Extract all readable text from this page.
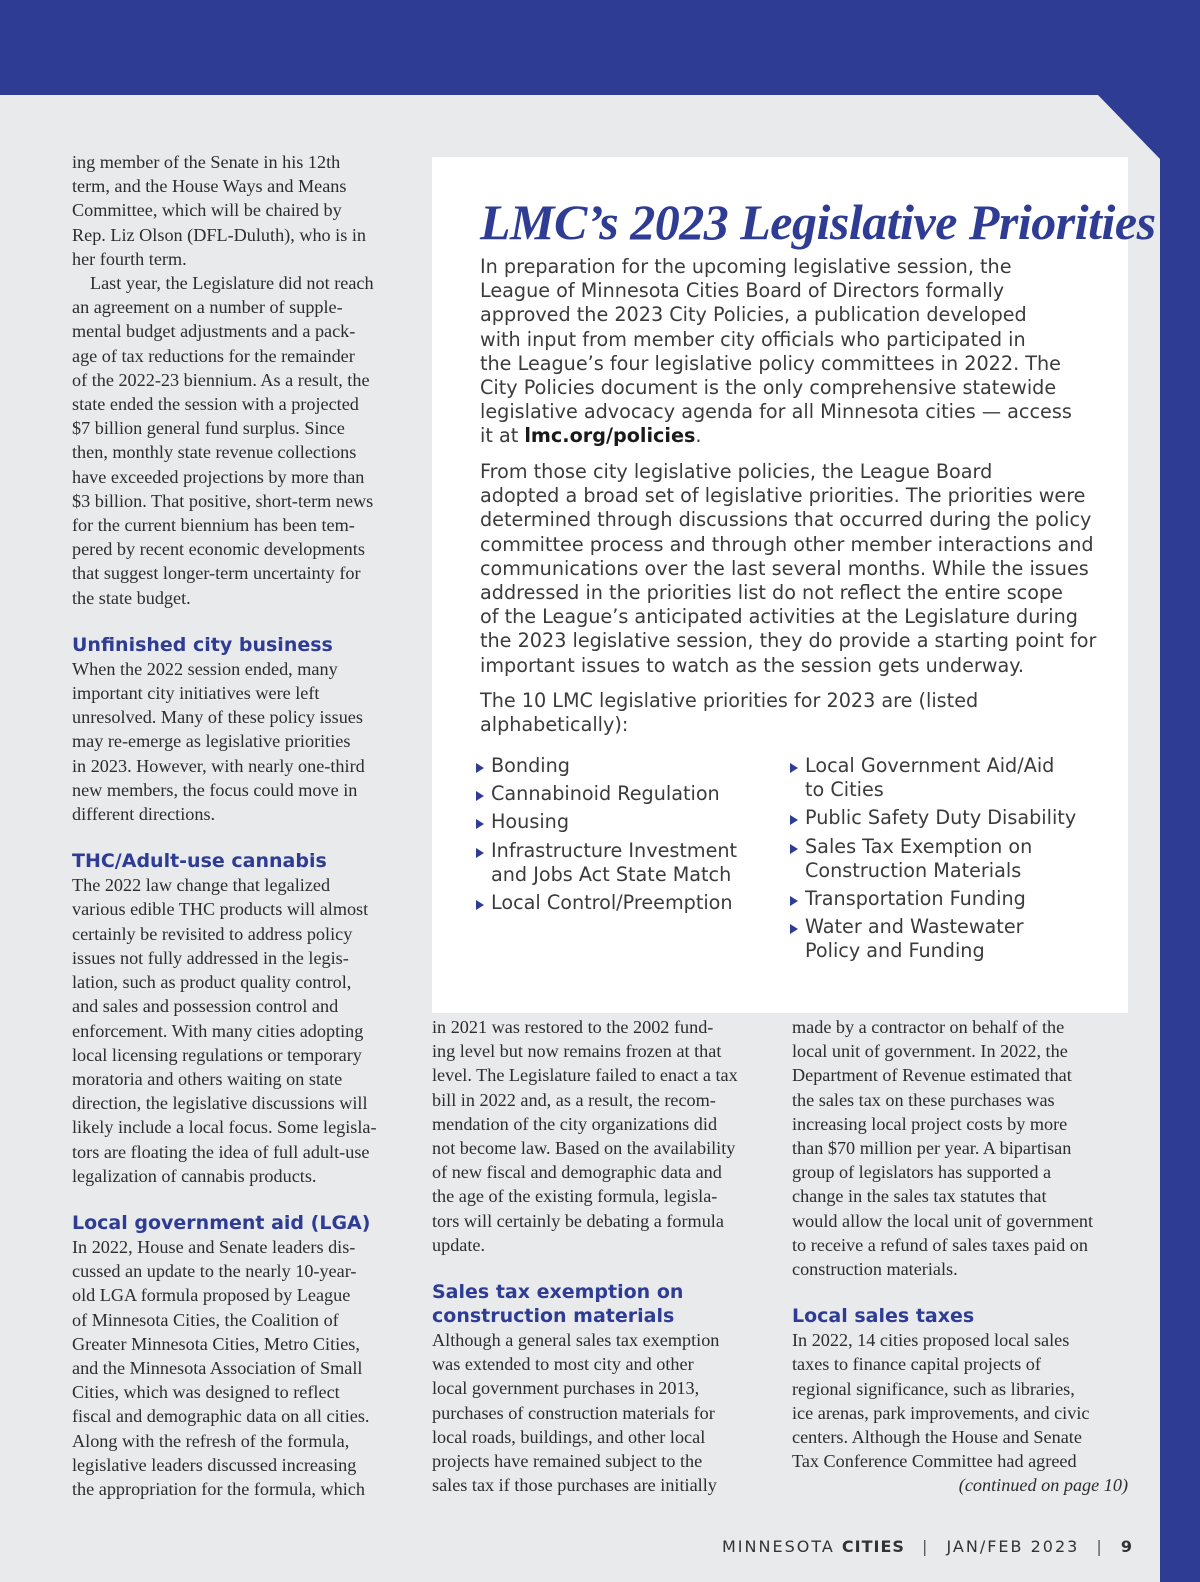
ing member of the Senate in his 12th
term, and the House Ways and Means
Committee, which will be chaired by
Rep. Liz Olson (DFL-Duluth), who is in
her fourth term.

Last year, the Legislature did not reach
an agreement on a number of supple-
mental budget adjustments and a pack-
age of tax reductions for the remainder
of the 2022-23 biennium. As a result, the
state ended the session with a projected
$7 billion general fund surplus. Since
then, monthly state revenue collections
have exceeded projections by more than
$3 billion. That positive, short-term news
for the current biennium has been tem-
pered by recent economic developments
that suggest longer-term uncertainty for
the state budget.

Unfinished city business

When the 2022 session ended, many
important city initiatives were left
unresolved. Many of these policy issues
may re-emerge as legislative priorities
in 2023. However, with nearly one-third
new members, the focus could move in
different directions.

THC/Adult-use cannabis

The 2022 law change that legalized
various edible THC products will almost
certainly be revisited to address policy
issues not fully addressed in the legis-
lation, such as product quality control,
and sales and possession control and
enforcement. With many cities adopting
local licensing regulations or temporary
moratoria and others waiting on state
direction, the legislative discussions will
likely include a local focus. Some legisla-
tors are floating the idea of full adult-use
legalization of cannabis products.

Local government aid (LGA)

In 2022, House and Senate leaders dis-
cussed an update to the nearly 10-year-
old LGA formula proposed by League
of Minnesota Cities, the Coalition of
Greater Minnesota Cities, Metro Cities,
and the Minnesota Association of Small
Cities, which was designed to reflect
fiscal and demographic data on all cities.
Along with the refresh of the formula,
legislative leaders discussed increasing
the appropriation for the formula, which

LMC’s 2023 Legislative Priorities

In preparation for the upcoming legislative session, the
League of Minnesota Cities Board of Directors formally
approved the 2023 City Policies, a publication developed
with input from member city officials who participated in
the League’s four legislative policy committees in 2022. The
City Policies document is the only comprehensive statewide
legislative advocacy agenda for all Minnesota cities — access
it at lmc.org/policies.

From those city legislative policies, the League Board
adopted a broad set of legislative priorities. The priorities were
determined through discussions that occurred during the policy
committee process and through other member interactions and
communications over the last several months. While the issues
addressed in the priorities list do not reflect the entire scope
of the League’s anticipated activities at the Legislature during
the 2023 legislative session, they do provide a starting point for
important issues to watch as the session gets underway.

The 10 LMC legislative priorities for 2023 are (listed
alphabetically):

Bonding
Cannabinoid Regulation
Housing
Infrastructure Investment
and Jobs Act State Match
Local Control/Preemption
Local Government Aid/Aid
to Cities
Public Safety Duty Disability
Sales Tax Exemption on
Construction Materials
Transportation Funding
Water and Wastewater
Policy and Funding

in 2021 was restored to the 2002 fund-
ing level but now remains frozen at that
level. The Legislature failed to enact a tax
bill in 2022 and, as a result, the recom-
mendation of the city organizations did
not become law. Based on the availability
of new fiscal and demographic data and
the age of the existing formula, legisla-
tors will certainly be debating a formula
update.

Sales tax exemption on
construction materials

Although a general sales tax exemption
was extended to most city and other
local government purchases in 2013,
purchases of construction materials for
local roads, buildings, and other local
projects have remained subject to the
sales tax if those purchases are initially

made by a contractor on behalf of the
local unit of government. In 2022, the
Department of Revenue estimated that
the sales tax on these purchases was
increasing local project costs by more
than $70 million per year. A bipartisan
group of legislators has supported a
change in the sales tax statutes that
would allow the local unit of government
to receive a refund of sales taxes paid on
construction materials.

Local sales taxes

In 2022, 14 cities proposed local sales
taxes to finance capital projects of
regional significance, such as libraries,
ice arenas, park improvements, and civic
centers. Although the House and Senate
Tax Conference Committee had agreed

(continued on page 10)

MINNESOTA CITIES | JAN/FEB 2023 | 9
